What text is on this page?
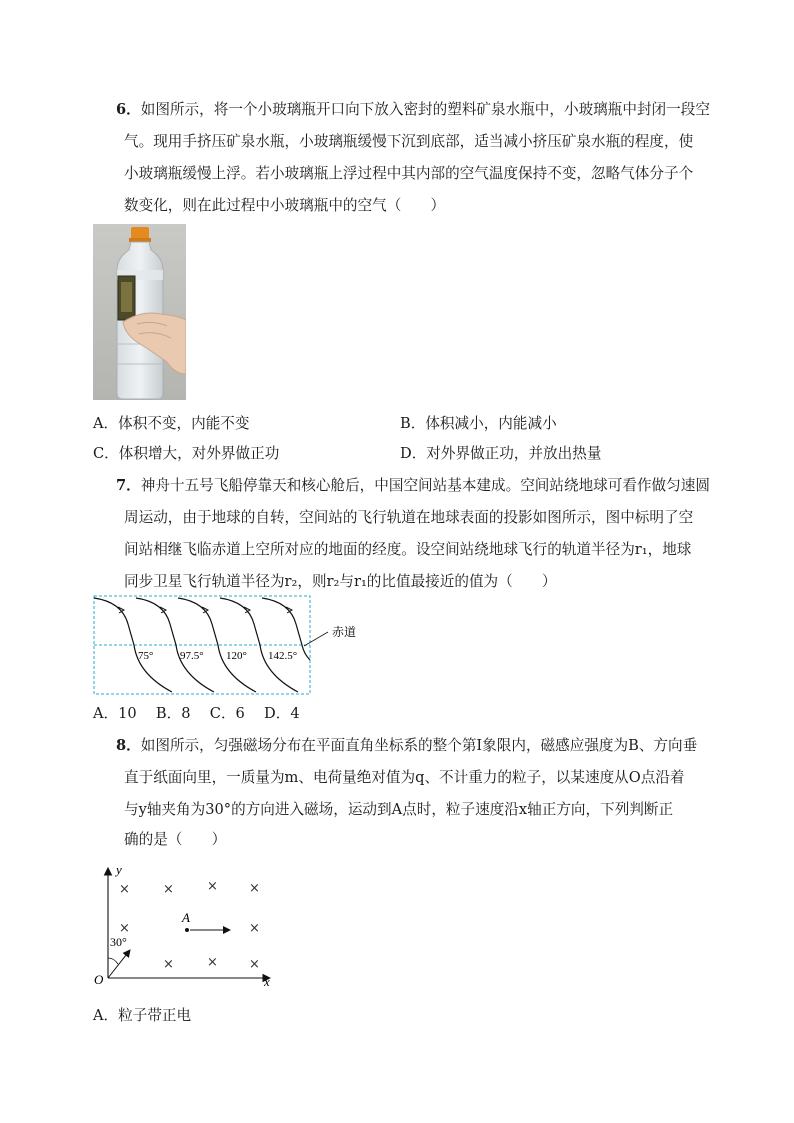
6．如图所示，将一个小玻璃瓶开口向下放入密封的塑料矿泉水瓶中，小玻璃瓶中封闭一段空
气。现用手挤压矿泉水瓶，小玻璃瓶缓慢下沉到底部，适当减小挤压矿泉水瓶的程度，使
小玻璃瓶缓慢上浮。若小玻璃瓶上浮过程中其内部的空气温度保持不变，忽略气体分子个
数变化，则在此过程中小玻璃瓶中的空气（　　）
A．体积不变，内能不变	B．体积减小，内能减小
C．体积增大，对外界做正功	D．对外界做正功，并放出热量
7．神舟十五号飞船停靠天和核心舱后，中国空间站基本建成。空间站绕地球可看作做匀速圆
周运动，由于地球的自转，空间站的飞行轨道在地球表面的投影如图所示，图中标明了空
间站相继飞临赤道上空所对应的地面的经度。设空间站绕地球飞行的轨道半径为r₁，地球
同步卫星飞行轨道半径为r₂，则r₂与r₁的比值最接近的值为（　　）
75° 97.5° 120° 142.5°
赤道
A．10　 B．8　 C．6　 D．4
8．如图所示，匀强磁场分布在平面直角坐标系的整个第Ⅰ象限内，磁感应强度为B、方向垂
直于纸面向里，一质量为m、电荷量绝对值为q、不计重力的粒子，以某速度从O点沿着
与y轴夹角为30°的方向进入磁场，运动到A点时，粒子速度沿x轴正方向，下列判断正
确的是（　　）
y
x
O
×	×	× ×
×	×
×	× ×
A
30°
A．粒子带正电
